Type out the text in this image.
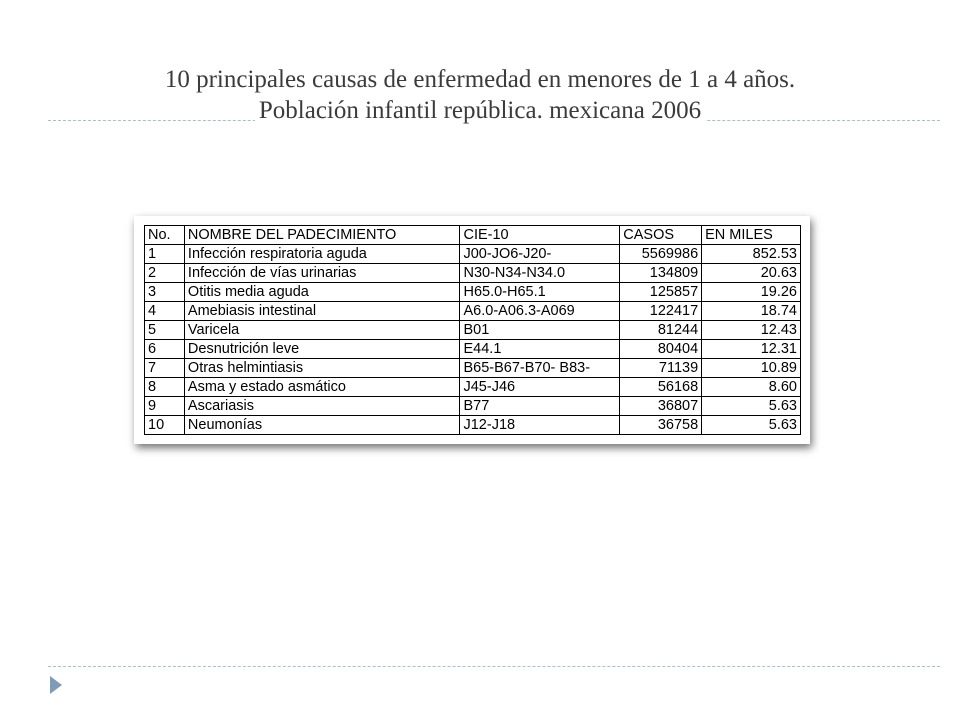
10 principales causas de enfermedad en menores de 1 a 4 años.
Población infantil república. mexicana 2006
No.	NOMBRE DEL PADECIMIENTO	CIE-10	CASOS	EN MILES
1	Infección respiratoria aguda	J00-JO6-J20-	5569986	852.53
2	Infección de vías urinarias	N30-N34-N34.0	134809	20.63
3	Otitis media aguda	H65.0-H65.1	125857	19.26
4	Amebiasis intestinal	A6.0-A06.3-A069	122417	18.74
5	Varicela	B01	81244	12.43
6	Desnutrición leve	E44.1	80404	12.31
7	Otras helmintiasis	B65-B67-B70- B83-	71139	10.89
8	Asma y estado asmático	J45-J46	56168	8.60
9	Ascariasis	B77	36807	5.63
10	Neumonías	J12-J18	36758	5.63
